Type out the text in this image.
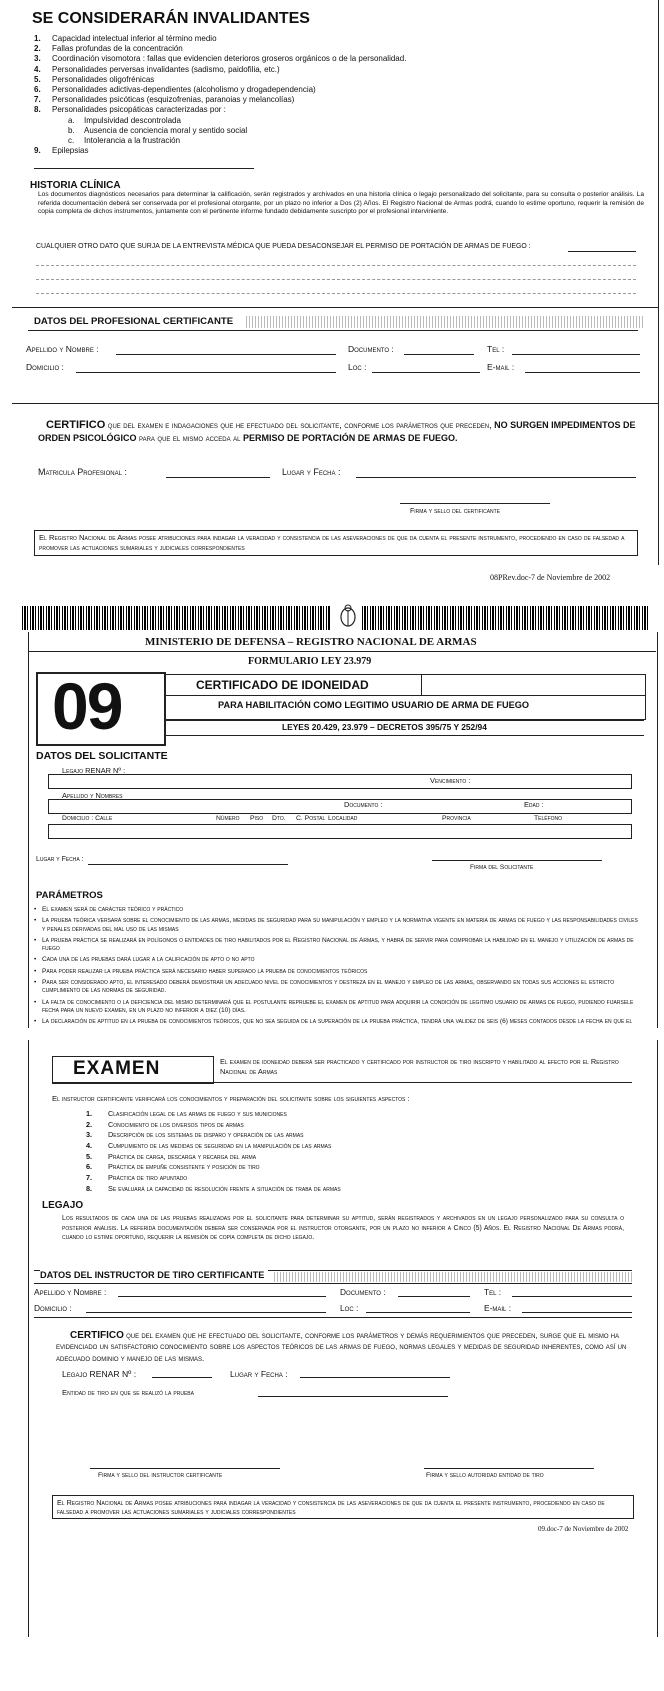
SE CONSIDERARÁN INVALIDANTES
1. Capacidad intelectual inferior al término medio
2. Fallas profundas de la concentración
3. Coordinación visomotora : fallas que evidencien deterioros groseros orgánicos o de la personalidad.
4. Personalidades perversas invalidantes (sadismo, paidofilia, etc.)
5. Personalidades oligofrénicas
6. Personalidades adictivas-dependientes (alcoholismo y drogadependencia)
7. Personalidades psicóticas (esquizofrenias, paranoias y melancolías)
8. Personalidades psicopáticas caracterizadas por :
a. Impulsividad descontrolada
b. Ausencia de conciencia moral y sentido social
c. Intolerancia a la frustración
9. Epilepsias
HISTORIA CLÍNICA
Los documentos diagnósticos necesarios para determinar la calificación, serán registrados y archivados en una historia clínica o legajo personalizado del solicitante, para su consulta o posterior análisis. La referida documentación deberá ser conservada por el profesional otorgante, por un plazo no inferior a Dos (2) Años. El Registro Nacional de Armas podrá, cuando lo estime oportuno, requerir la remisión de copia completa de dichos instrumentos, juntamente con el pertinente informe fundado debidamente suscripto por el profesional interviniente.
CUALQUIER OTRO DATO QUE SURJA DE LA ENTREVISTA MÉDICA QUE PUEDA DESACONSEJAR EL PERMISO DE PORTACIÓN DE ARMAS DE FUEGO :
DATOS DEL PROFESIONAL CERTIFICANTE
Apellido y Nombre :	Documento :	Tel :
Domicilio :	Loc :	E-mail :
CERTIFICO que del examen e indagaciones que he efectuado del solicitante, conforme los parámetros que preceden, NO SURGEN IMPEDIMENTOS DE ORDEN PSICOLÓGICO para que el mismo acceda al PERMISO DE PORTACIÓN DE ARMAS DE FUEGO.
Matricula Profesional :	Lugar y Fecha :
Firma y sello del certificante
El Registro Nacional de Armas posee atribuciones para indagar la veracidad y consistencia de las aseveraciones de que da cuenta el presente instrumento, procediendo en caso de falsedad a promover las actuaciones sumariales y judiciales correspondientes
08PRev.doc-7 de Noviembre de 2002
MINISTERIO DE DEFENSA – REGISTRO NACIONAL DE ARMAS
FORMULARIO LEY 23.979
09	CERTIFICADO DE IDONEIDAD
PARA HABILITACIÓN COMO LEGITIMO USUARIO DE ARMA DE FUEGO
LEYES 20.429, 23.979 – DECRETOS 395/75 Y 252/94
DATOS DEL SOLICITANTE
Legajo RENAR Nº :
Vencimiento :
Apellido y Nombres
Documento :	Edad :
Domicilio : Calle	Número Piso Dto. C. Postal Localidad	Provincia	Teléfono
Lugar y Fecha :
Firma del Solicitante
PARÁMETROS
• El examen será de carácter teórico y práctico
• La prueba teórica versará sobre el conocimiento de las armas, medidas de seguridad para su manipulación y empleo y la normativa vigente en materia de armas de fuego y las responsabilidades civiles y penales derivadas del mal uso de las mismas
• La prueba práctica se realizará en polígonos o entidades de tiro habilitados por el Registro Nacional de Armas, y habrá de servir para comprobar la habilidad en el manejo y utilización de armas de fuego
• Cada una de las pruebas dará lugar a la calificación de apto o no apto
• Para poder realizar la prueba práctica será necesario haber superado la prueba de conocimientos teóricos
• Para ser considerado apto, el interesado deberá demostrar un adecuado nivel de conocimientos y destreza en el manejo y empleo de las armas, observando en todas sus acciones el estricto cumplimiento de las normas de seguridad.
• La falta de conocimiento o la deficiencia del mismo determinará que el postulante repruebe el examen de aptitud para adquirir la condición de legitimo usuario de armas de fuego, pudiendo fijarsele fecha para un nuevo examen, en un plazo no inferior a diez (10) días.
• La declaración de aptitud en la prueba de conocimientos teóricos, que no sea seguida de la superación de la prueba práctica, tendrá una validez de seis (6) meses contados desde la fecha en que el
EXAMEN	El examen de idoneidad deberá ser practicado y certificado por instructor de tiro inscripto y habilitado al efecto por el Registro Nacional de Armas
El instructor certificante verificará los conocimientos y preparación del solicitante sobre los siguientes aspectos :
1. Clasificación legal de las armas de fuego y sus municiones
2. Conocimiento de los diversos tipos de armas
3. Descripción de los sistemas de disparo y operación de las armas
4. Cumplimiento de las medidas de seguridad en la manipulación de las armas
5. Práctica de carga, descarga y recarga del arma
6. Práctica de empuñe consistente y posición de tiro
7. Práctica de tiro apuntado
8. Se evaluará la capacidad de resolución frente a situación de traba de armas
LEGAJO
Los resultados de cada una de las pruebas realizadas por el solicitante para determinar su aptitud, serán registrados y archivados en un legajo personalizado para su consulta o posterior análisis. La referida documentación deberá ser conservada por el instructor otorgante, por un plazo no inferior a Cinco (5) Años. El Registro Nacional De Armas podrá, cuando lo estime oportuno, requerir la remisión de copia completa de dicho legajo.
DATOS DEL INSTRUCTOR DE TIRO CERTIFICANTE
Apellido y Nombre :	Documento :	Tel :
Domicilio :	Loc :	E-mail :
CERTIFICO que del examen que he efectuado del solicitante, conforme los parámetros y demás requerimientos que preceden, surge que el mismo ha evidenciado un satisfactorio conocimiento sobre los aspectos teóricos de las armas de fuego, normas legales y medidas de seguridad inherentes, como así un adecuado dominio y manejo de las mismas.
Legajo RENAR Nº :	Lugar y Fecha :
Entidad de tiro en que se realizó la prueba
Firma y sello del instructor certificante	Firma y sello autoridad entidad de tiro
El Registro Nacional de Armas posee atribuciones para indagar la veracidad y consistencia de las aseveraciones de que da cuenta el presente instrumento, procediendo en caso de falsedad a promover las actuaciones sumariales y judiciales correspondientes
09.doc-7 de Noviembre de 2002
